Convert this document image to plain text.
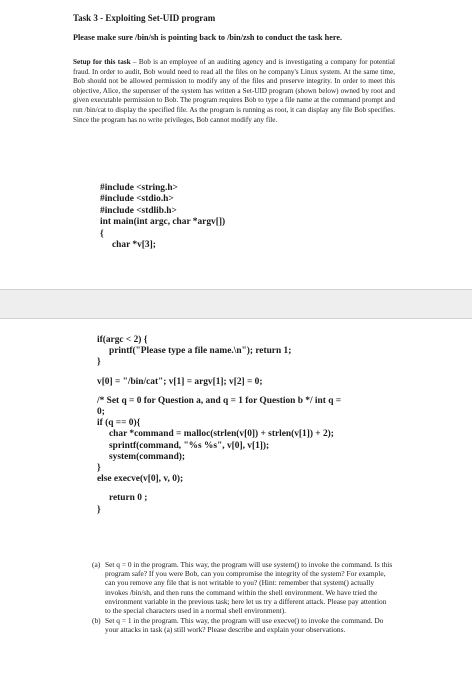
Task 3 - Exploiting Set-UID program
Please make sure /bin/sh is pointing back to /bin/zsh to conduct the task here.
Setup for this task – Bob is an employee of an auditing agency and is investigating a company for potential fraud. In order to audit, Bob would need to read all the files on he company's Linux system. At the same time, Bob should not be allowed permission to modify any of the files and preserve integrity. In order to meet this objective, Alice, the superuser of the system has written a Set-UID program (shown below) owned by root and given executable permission to Bob. The program requires Bob to type a file name at the command prompt and run /bin/cat to display the specified file. As the program is running as root, it can display any file Bob specifies. Since the program has no write privileges, Bob cannot modify any file.
#include <string.h>
#include <stdio.h>
#include <stdlib.h>
int main(int argc, char *argv[])
{
char *v[3];
if(argc < 2) {
printf("Please type a file name.\n"); return 1;
}
v[0] = "/bin/cat"; v[1] = argv[1]; v[2] = 0;
/* Set q = 0 for Question a, and q = 1 for Question b */ int q = 0;
if (q == 0){
char *command = malloc(strlen(v[0]) + strlen(v[1]) + 2); sprintf(command, "%s %s", v[0], v[1]);
system(command);
}
else execve(v[0], v, 0);
return 0 ;
}
(a) Set q = 0 in the program. This way, the program will use system() to invoke the command. Is this program safe? If you were Bob, can you compromise the integrity of the system? For example, can you remove any file that is not writable to you? (Hint: remember that system() actually invokes /bin/sh, and then runs the command within the shell environment. We have tried the environment variable in the previous task; here let us try a different attack. Please pay attention to the special characters used in a normal shell environment).
(b) Set q = 1 in the program. This way, the program will use execve() to invoke the command. Do your attacks in task (a) still work? Please describe and explain your observations.
